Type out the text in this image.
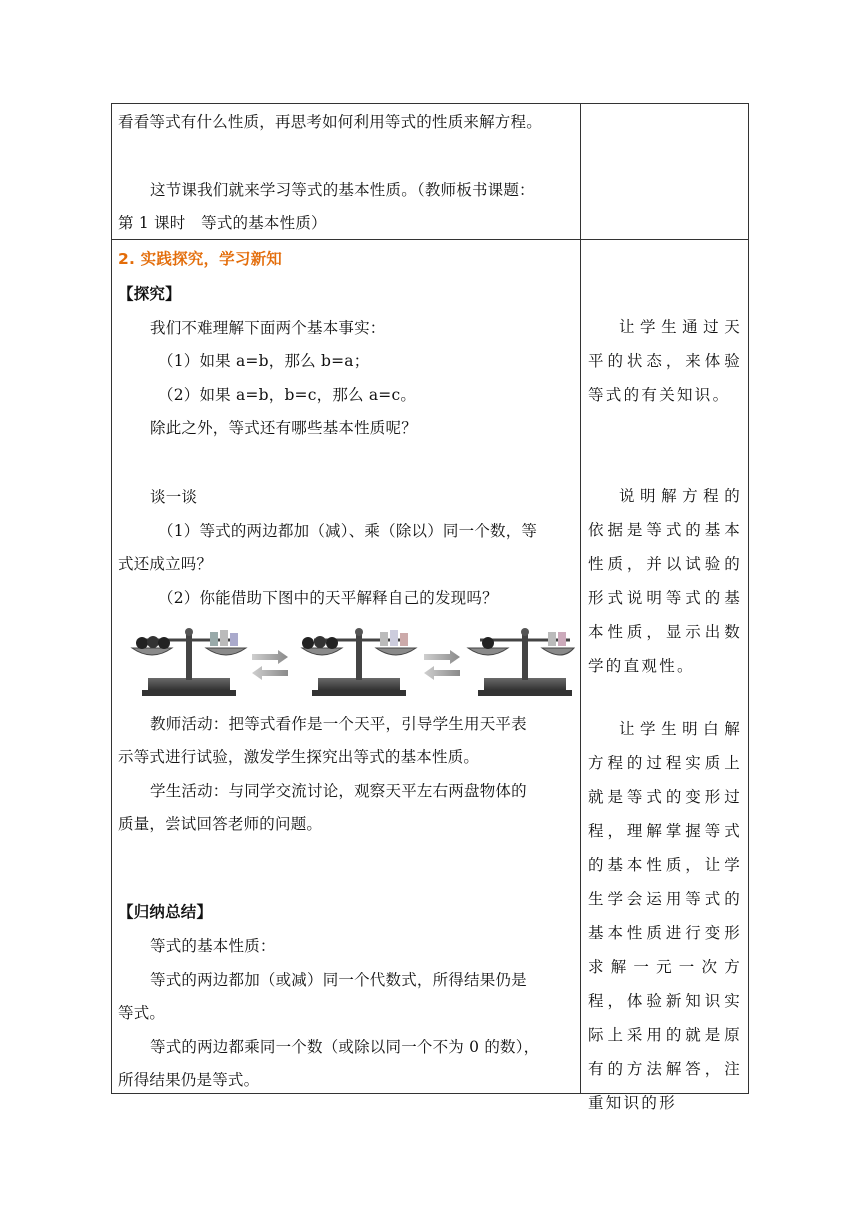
看看等式有什么性质，再思考如何利用等式的性质来解方程。
这节课我们就来学习等式的基本性质。（教师板书课题：
第 1 课时　等式的基本性质）
2. 实践探究，学习新知
【探究】
我们不难理解下面两个基本事实：
（1）如果 a=b，那么 b=a；
（2）如果 a=b，b=c，那么 a=c。
除此之外，等式还有哪些基本性质呢？
谈一谈
（1）等式的两边都加（减）、乘（除以）同一个数，等
式还成立吗？
（2）你能借助下图中的天平解释自己的发现吗？
教师活动：把等式看作是一个天平，引导学生用天平表
示等式进行试验，激发学生探究出等式的基本性质。
学生活动：与同学交流讨论，观察天平左右两盘物体的
质量，尝试回答老师的问题。
【归纳总结】
等式的基本性质：
等式的两边都加（或减）同一个代数式，所得结果仍是
等式。
等式的两边都乘同一个数（或除以同一个不为 0 的数），
所得结果仍是等式。

让学生通过天平的状态，来体验等式的有关知识。

说明解方程的依据是等式的基本性质，并以试验的形式说明等式的基本性质，显示出数学的直观性。

让学生明白解方程的过程实质上就是等式的变形过程，理解掌握等式的基本性质，让学生学会运用等式的基本性质进行变形求解一元一次方程，体验新知识实际上采用的就是原有的方法解答，注重知识的形
